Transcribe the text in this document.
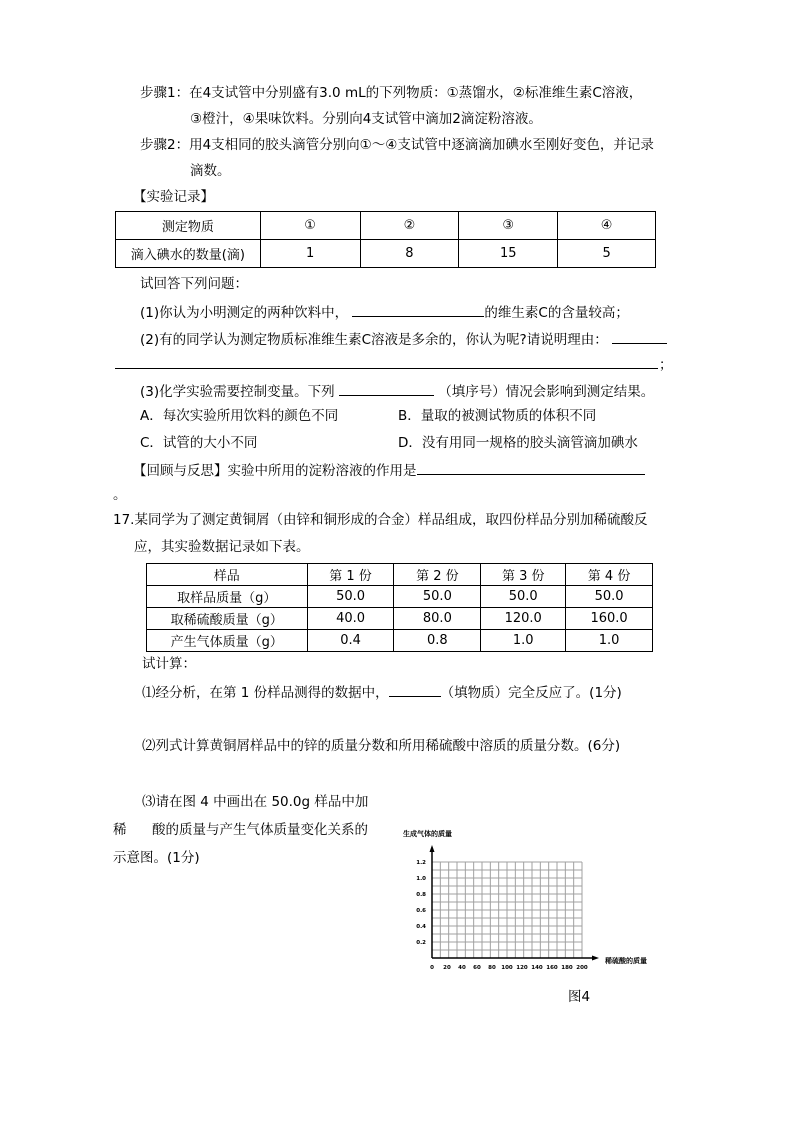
步骤1：在4支试管中分别盛有3.0 mL的下列物质：①蒸馏水，②标准维生素C溶液，
③橙汁，④果味饮料。分别向4支试管中滴加2滴淀粉溶液。
步骤2：用4支相同的胶头滴管分别向①～④支试管中逐滴滴加碘水至刚好变色，并记录
滴数。
【实验记录】
测定物质	①	②	③	④
滴入碘水的数量(滴)	1	8	15	5
试回答下列问题：
(1)你认为小明测定的两种饮料中，	的维生素C的含量较高；
(2)有的同学认为测定物质标准维生素C溶液是多余的，你认为呢?请说明理由：
；
(3)化学实验需要控制变量。下列	（填序号）情况会影响到测定结果。
A．每次实验所用饮料的颜色不同	B．量取的被测试物质的体积不同
C．试管的大小不同	D．没有用同一规格的胶头滴管滴加碘水
【回顾与反思】实验中所用的淀粉溶液的作用是
。
17.某同学为了测定黄铜屑（由锌和铜形成的合金）样品组成，取四份样品分别加稀硫酸反
应，其实验数据记录如下表。
样品	第 1 份	第 2 份	第 3 份	第 4 份
取样品质量（g）	50.0	50.0	50.0	50.0
取稀硫酸质量（g）	40.0	80.0	120.0	160.0
产生气体质量（g）	0.4	0.8	1.0	1.0
试计算：
⑴经分析，在第 1 份样品测得的数据中，	（填物质）完全反应了。(1分)
⑵列式计算黄铜屑样品中的锌的质量分数和所用稀硫酸中溶质的质量分数。(6分)
⑶请在图 4 中画出在 50.0g 样品中加
稀 酸的质量与产生气体质量变化关系的
示意图。(1分)
0 20 40 60 80 100 120 140 160 180 200
0.2
0.4
0.6
0.8
1.0
1.2
生成气体的质量
稀硫酸的质量
图4
